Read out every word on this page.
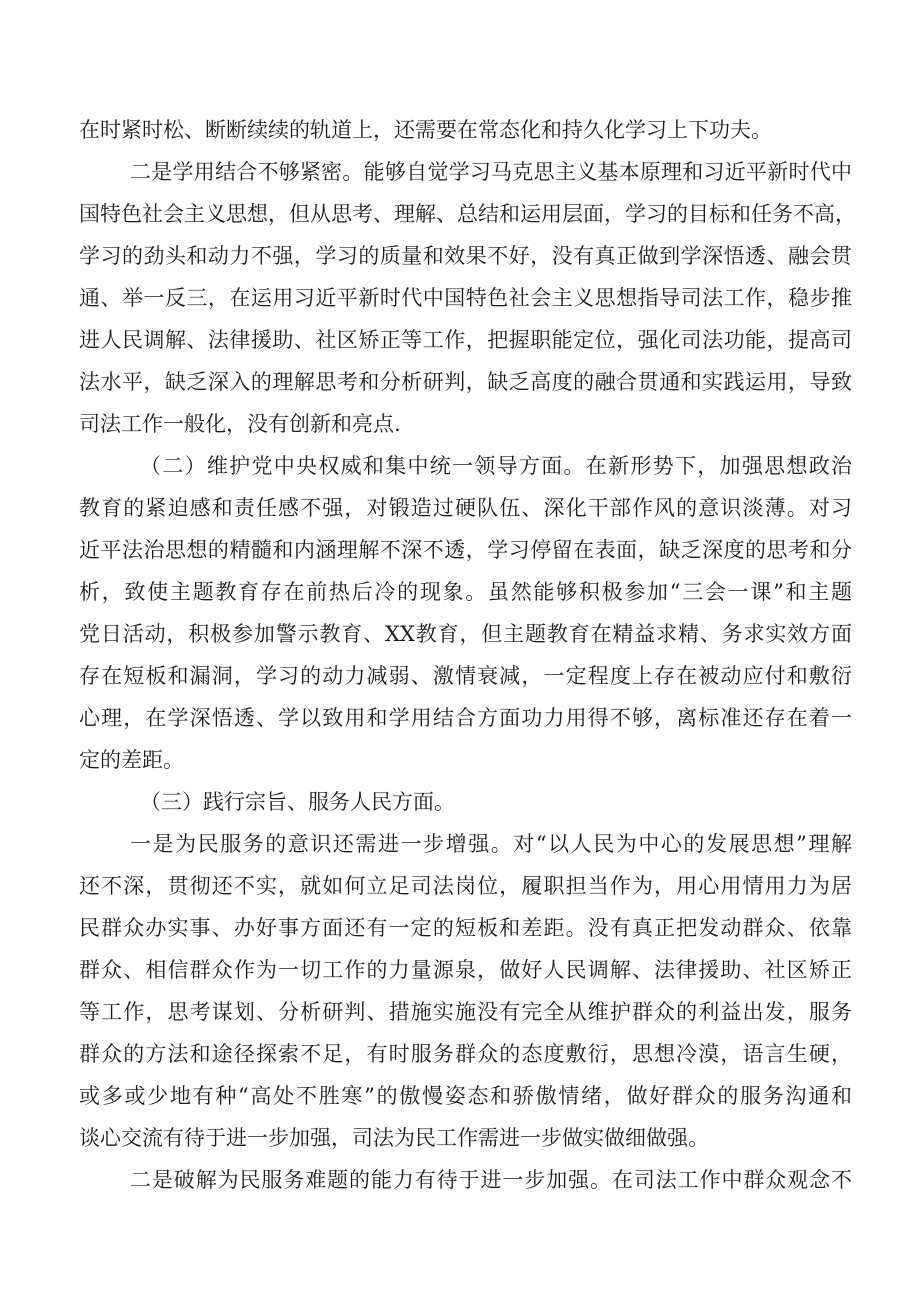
在时紧时松、断断续续的轨道上，还需要在常态化和持久化学习上下功夫。
二是学用结合不够紧密。能够自觉学习马克思主义基本原理和习近平新时代中
国特色社会主义思想，但从思考、理解、总结和运用层面，学习的目标和任务不高，
学习的劲头和动力不强，学习的质量和效果不好，没有真正做到学深悟透、融会贯
通、举一反三，在运用习近平新时代中国特色社会主义思想指导司法工作，稳步推
进人民调解、法律援助、社区矫正等工作，把握职能定位，强化司法功能，提高司
法水平，缺乏深入的理解思考和分析研判，缺乏高度的融合贯通和实践运用，导致
司法工作一般化，没有创新和亮点.
（二）维护党中央权威和集中统一领导方面。在新形势下，加强思想政治
教育的紧迫感和责任感不强，对锻造过硬队伍、深化干部作风的意识淡薄。对习
近平法治思想的精髓和内涵理解不深不透，学习停留在表面，缺乏深度的思考和分
析，致使主题教育存在前热后冷的现象。虽然能够积极参加“三会一课”和主题
党日活动，积极参加警示教育、XX教育，但主题教育在精益求精、务求实效方面
存在短板和漏洞，学习的动力减弱、激情衰减，一定程度上存在被动应付和敷衍
心理，在学深悟透、学以致用和学用结合方面功力用得不够，离标准还存在着一
定的差距。
（三）践行宗旨、服务人民方面。
一是为民服务的意识还需进一步增强。对“以人民为中心的发展思想”理解
还不深，贯彻还不实，就如何立足司法岗位，履职担当作为，用心用情用力为居
民群众办实事、办好事方面还有一定的短板和差距。没有真正把发动群众、依靠
群众、相信群众作为一切工作的力量源泉，做好人民调解、法律援助、社区矫正
等工作，思考谋划、分析研判、措施实施没有完全从维护群众的利益出发，服务
群众的方法和途径探索不足，有时服务群众的态度敷衍，思想冷漠，语言生硬，
或多或少地有种“高处不胜寒”的傲慢姿态和骄傲情绪，做好群众的服务沟通和
谈心交流有待于进一步加强，司法为民工作需进一步做实做细做强。
二是破解为民服务难题的能力有待于进一步加强。在司法工作中群众观念不
